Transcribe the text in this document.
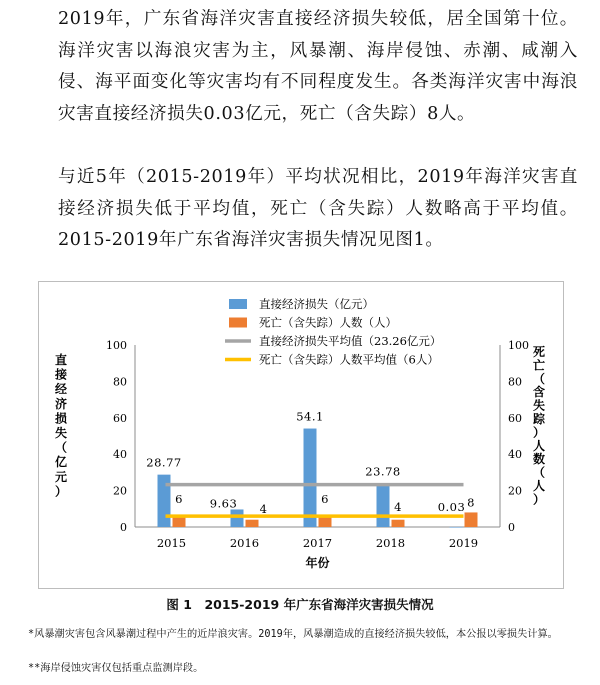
2019年，广东省海洋灾害直接经济损失较低，居全国第十位。海洋灾害以海浪灾害为主，风暴潮、海岸侵蚀、赤潮、咸潮入侵、海平面变化等灾害均有不同程度发生。各类海洋灾害中海浪灾害直接经济损失0.03亿元，死亡（含失踪）8人。

与近5年（2015-2019年）平均状况相比，2019年海洋灾害直接经济损失低于平均值，死亡（含失踪）人数略高于平均值。2015-2019年广东省海洋灾害损失情况见图1。

0	0
20	20
40	40
60	60
80	80
100	100
2015	2016	2017	2018	2019
年份
直
接
经
济
损
失
（
亿
元
）
死
亡
（
含
失
踪
）
人
数
（
人
）
28.77
9.63
54.1
23.78
0.03
6
4
6
4	8
直接经济损失（亿元）
死亡（含失踪）人数（人）
直接经济损失平均值（23.26亿元）
死亡（含失踪）人数平均值（6人）
图 1　2015-2019 年广东省海洋灾害损失情况

*风暴潮灾害包含风暴潮过程中产生的近岸浪灾害。2019年，风暴潮造成的直接经济损失较低，本公报以零损失计算。

**海岸侵蚀灾害仅包括重点监测岸段。
